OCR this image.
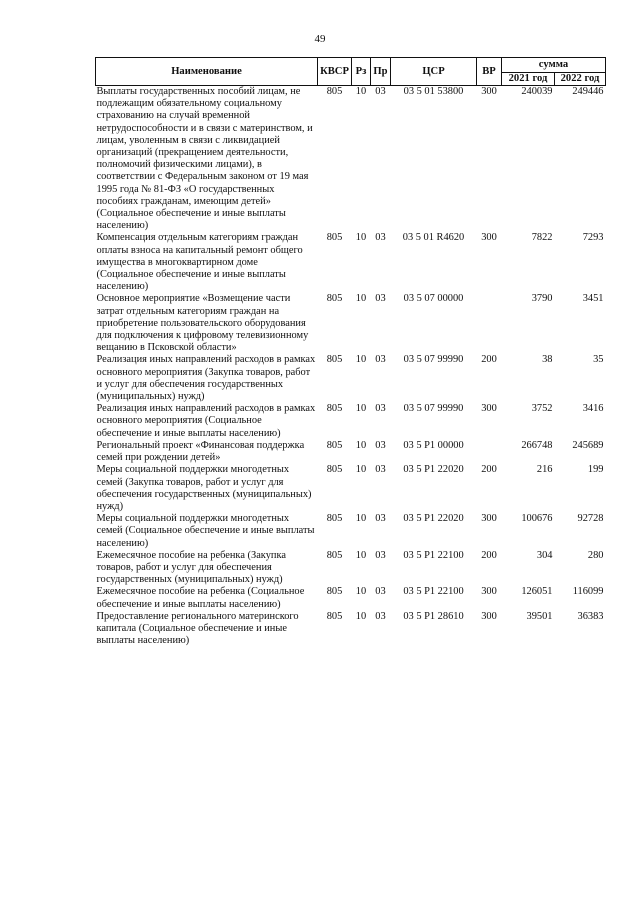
49
Наименование	КВСР	Рз	Пр	ЦСР	ВР	сумма	
						2021 год	2022 год
Выплаты государственных пособий лицам, не подлежащим обязательному социальному страхованию на случай временной нетрудоспособности и в связи с материнством, и лицам, уволенным в связи с ликвидацией организаций (прекращением деятельности, полномочий физическими лицами), в соответствии с Федеральным законом от 19 мая 1995 года № 81-ФЗ «О государственных пособиях гражданам, имеющим детей» (Социальное обеспечение и иные выплаты населению)	805	10	03	03 5 01 53800	300	240039	249446
Компенсация отдельным категориям граждан оплаты взноса на капитальный ремонт общего имущества в многоквартирном доме (Социальное обеспечение и иные выплаты населению)	805	10	03	03 5 01 R4620	300	7822	7293
Основное мероприятие «Возмещение части затрат отдельным категориям граждан на приобретение пользовательского оборудования для подключения к цифровому телевизионному вещанию в Псковской области»	805	10	03	03 5 07 00000		3790	3451
Реализация иных направлений расходов в рамках основного мероприятия (Закупка товаров, работ и услуг для обеспечения государственных (муниципальных) нужд)	805	10	03	03 5 07 99990	200	38	35
Реализация иных направлений расходов в рамках основного мероприятия (Социальное обеспечение и иные выплаты населению)	805	10	03	03 5 07 99990	300	3752	3416
Региональный проект «Финансовая поддержка семей при рождении детей»	805	10	03	03 5 P1 00000		266748	245689
Меры социальной поддержки многодетных семей (Закупка товаров, работ и услуг для обеспечения государственных (муниципальных) нужд)	805	10	03	03 5 P1 22020	200	216	199
Меры социальной поддержки многодетных семей (Социальное обеспечение и иные выплаты населению)	805	10	03	03 5 P1 22020	300	100676	92728
Ежемесячное пособие на ребенка (Закупка товаров, работ и услуг для обеспечения государственных (муниципальных) нужд)	805	10	03	03 5 P1 22100	200	304	280
Ежемесячное пособие на ребенка (Социальное обеспечение и иные выплаты населению)	805	10	03	03 5 P1 22100	300	126051	116099
Предоставление регионального материнского капитала (Социальное обеспечение и иные выплаты населению)	805	10	03	03 5 P1 28610	300	39501	36383
